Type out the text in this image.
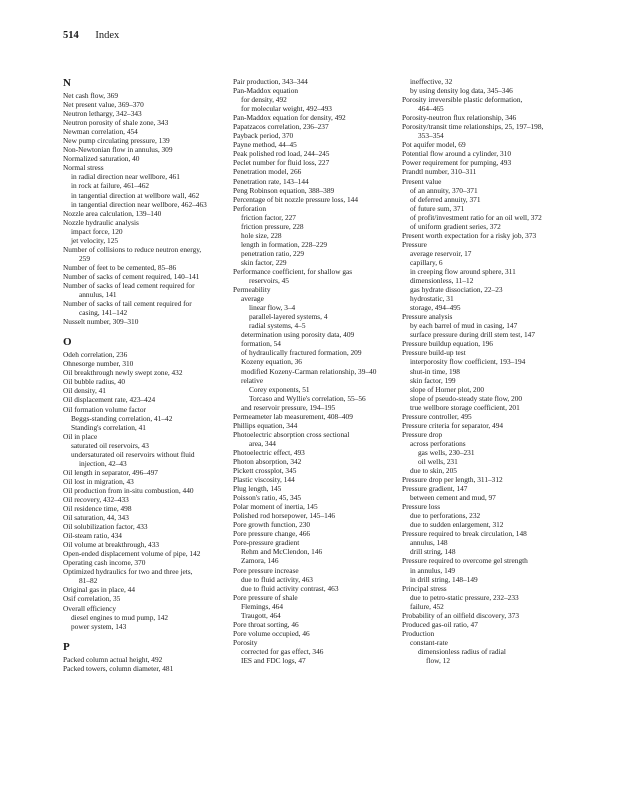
514 Index
N
Net cash flow, 369
Net present value, 369–370
Neutron lethargy, 342–343
Neutron porosity of shale zone, 343
Newman correlation, 454
New pump circulating pressure, 139
Non-Newtonian flow in annulus, 309
Normalized saturation, 40
Normal stress
in radial direction near wellbore, 461
in rock at failure, 461–462
in tangential direction at wellbore wall, 462
in tangential direction near wellbore, 462–463
Nozzle area calculation, 139–140
Nozzle hydraulic analysis
impact force, 120
jet velocity, 125
Number of collisions to reduce neutron energy,
259
Number of feet to be cemented, 85–86
Number of sacks of cement required, 140–141
Number of sacks of lead cement required for
annulus, 141
Number of sacks of tail cement required for
casing, 141–142
Nusselt number, 309–310
O
Odeh correlation, 236
Ohnesorge number, 310
Oil breakthrough newly swept zone, 432
Oil bubble radius, 40
Oil density, 41
Oil displacement rate, 423–424
Oil formation volume factor
Beggs-standing correlation, 41–42
Standing's correlation, 41
Oil in place
saturated oil reservoirs, 43
undersaturated oil reservoirs without fluid
injection, 42–43
Oil length in separator, 496–497
Oil lost in migration, 43
Oil production from in-situ combustion, 440
Oil recovery, 432–433
Oil residence time, 498
Oil saturation, 44, 343
Oil solubilization factor, 433
Oil-steam ratio, 434
Oil volume at breakthrough, 433
Open-ended displacement volume of pipe, 142
Operating cash income, 370
Optimized hydraulics for two and three jets,
81–82
Original gas in place, 44
Osif correlation, 35
Overall efficiency
diesel engines to mud pump, 142
power system, 143
P
Packed column actual height, 492
Packed towers, column diameter, 481
Pair production, 343–344
Pan-Maddox equation
for density, 492
for molecular weight, 492–493
Pan-Maddox equation for density, 492
Papatzacos correlation, 236–237
Payback period, 370
Payne method, 44–45
Peak polished rod load, 244–245
Peclet number for fluid loss, 227
Penetration model, 266
Penetration rate, 143–144
Peng Robinson equation, 388–389
Percentage of bit nozzle pressure loss, 144
Perforation
friction factor, 227
friction pressure, 228
hole size, 228
length in formation, 228–229
penetration ratio, 229
skin factor, 229
Performance coefficient, for shallow gas
reservoirs, 45
Permeability
average
linear flow, 3–4
parallel-layered systems, 4
radial systems, 4–5
determination using porosity data, 409
formation, 54
of hydraulically fractured formation, 209
Kozeny equation, 36
modified Kozeny-Carman relationship, 39–40
relative
Corey exponents, 51
Torcaso and Wyllie's correlation, 55–56
and reservoir pressure, 194–195
Permeameter lab measurement, 408–409
Phillips equation, 344
Photoelectric absorption cross sectional
area, 344
Photoelectric effect, 493
Photon absorption, 342
Pickett crossplot, 345
Plastic viscosity, 144
Plug length, 145
Poisson's ratio, 45, 345
Polar moment of inertia, 145
Polished rod horsepower, 145–146
Pore growth function, 230
Pore pressure change, 466
Pore-pressure gradient
Rehm and McClendon, 146
Zamora, 146
Pore pressure increase
due to fluid activity, 463
due to fluid activity contrast, 463
Pore pressure of shale
Flemings, 464
Traugott, 464
Pore throat sorting, 46
Pore volume occupied, 46
Porosity
corrected for gas effect, 346
IES and FDC logs, 47
ineffective, 32
by using density log data, 345–346
Porosity irreversible plastic deformation,
464–465
Porosity-neutron flux relationship, 346
Porosity/transit time relationships, 25, 197–198,
353–354
Pot aquifer model, 69
Potential flow around a cylinder, 310
Power requirement for pumping, 493
Prandtl number, 310–311
Present value
of an annuity, 370–371
of deferred annuity, 371
of future sum, 371
of profit/investment ratio for an oil well, 372
of uniform gradient series, 372
Present worth expectation for a risky job, 373
Pressure
average reservoir, 17
capillary, 6
in creeping flow around sphere, 311
dimensionless, 11–12
gas hydrate dissociation, 22–23
hydrostatic, 31
storage, 494–495
Pressure analysis
by each barrel of mud in casing, 147
surface pressure during drill stem test, 147
Pressure buildup equation, 196
Pressure build-up test
interporosity flow coefficient, 193–194
shut-in time, 198
skin factor, 199
slope of Horner plot, 200
slope of pseudo-steady state flow, 200
true wellbore storage coefficient, 201
Pressure controller, 495
Pressure criteria for separator, 494
Pressure drop
across perforations
gas wells, 230–231
oil wells, 231
due to skin, 205
Pressure drop per length, 311–312
Pressure gradient, 147
between cement and mud, 97
Pressure loss
due to perforations, 232
due to sudden enlargement, 312
Pressure required to break circulation, 148
annulus, 148
drill string, 148
Pressure required to overcome gel strength
in annulus, 149
in drill string, 148–149
Principal stress
due to petro-static pressure, 232–233
failure, 452
Probability of an oilfield discovery, 373
Produced gas-oil ratio, 47
Production
constant-rate
dimensionless radius of radial
flow, 12
